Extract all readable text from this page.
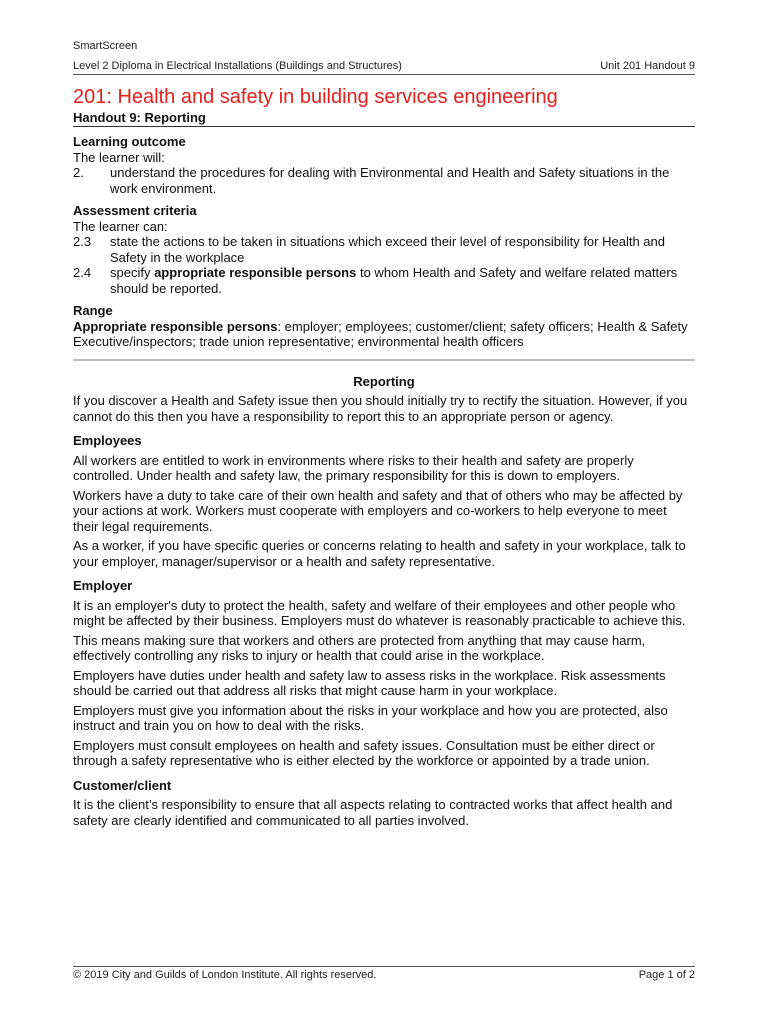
SmartScreen
Level 2 Diploma in Electrical Installations (Buildings and Structures)	Unit 201 Handout 9
201: Health and safety in building services engineering
Handout 9: Reporting
Learning outcome

The learner will:

2.	understand the procedures for dealing with Environmental and Health and Safety situations in the work environment.
Assessment criteria

The learner can:

2.3	state the actions to be taken in situations which exceed their level of responsibility for Health and Safety in the workplace
2.4	specify appropriate responsible persons to whom Health and Safety and welfare related matters should be reported.
Range

Appropriate responsible persons: employer; employees; customer/client; safety officers; Health & Safety Executive/inspectors; trade union representative; environmental health officers

Reporting

If you discover a Health and Safety issue then you should initially try to rectify the situation. However, if you cannot do this then you have a responsibility to report this to an appropriate person or agency.

Employees

All workers are entitled to work in environments where risks to their health and safety are properly controlled. Under health and safety law, the primary responsibility for this is down to employers.

Workers have a duty to take care of their own health and safety and that of others who may be affected by your actions at work. Workers must cooperate with employers and co-workers to help everyone to meet their legal requirements.

As a worker, if you have specific queries or concerns relating to health and safety in your workplace, talk to your employer, manager/supervisor or a health and safety representative.

Employer

It is an employer's duty to protect the health, safety and welfare of their employees and other people who might be affected by their business. Employers must do whatever is reasonably practicable to achieve this.

This means making sure that workers and others are protected from anything that may cause harm, effectively controlling any risks to injury or health that could arise in the workplace.

Employers have duties under health and safety law to assess risks in the workplace. Risk assessments should be carried out that address all risks that might cause harm in your workplace.

Employers must give you information about the risks in your workplace and how you are protected, also instruct and train you on how to deal with the risks.

Employers must consult employees on health and safety issues. Consultation must be either direct or through a safety representative who is either elected by the workforce or appointed by a trade union.

Customer/client

It is the client’s responsibility to ensure that all aspects relating to contracted works that affect health and safety are clearly identified and communicated to all parties involved.

© 2019 City and Guilds of London Institute. All rights reserved.	Page 1 of 2
